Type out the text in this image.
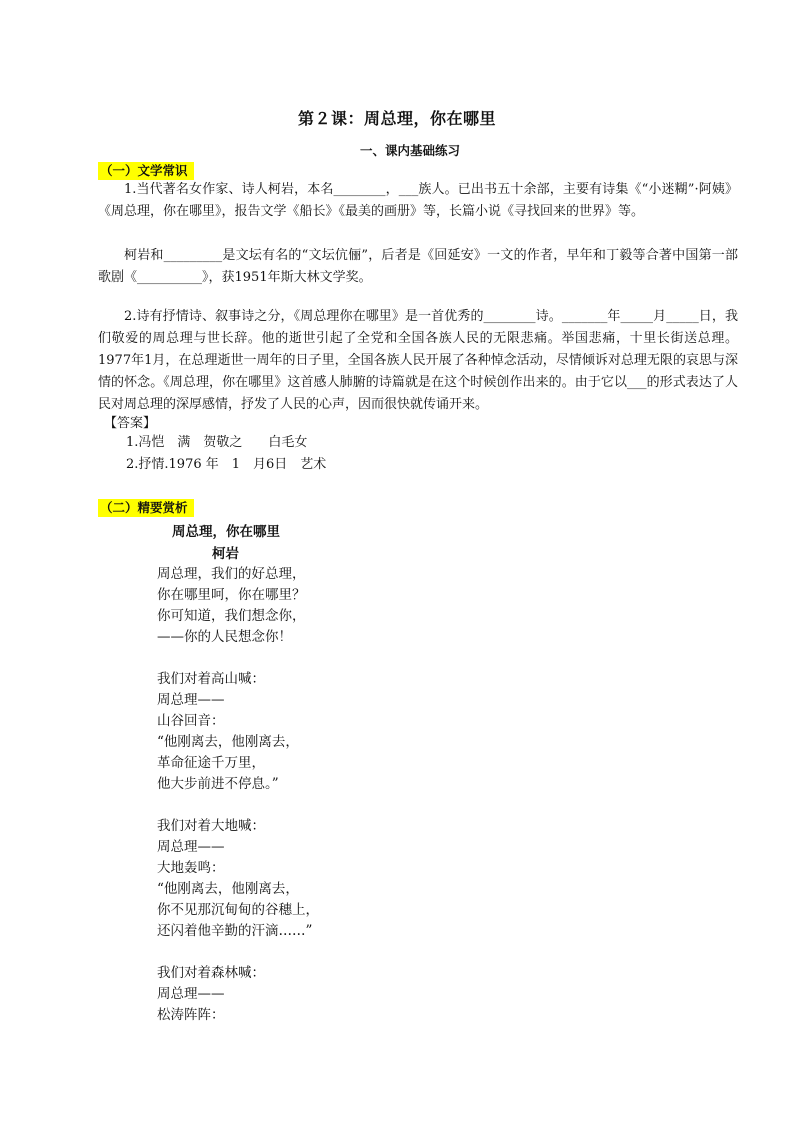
第２课：周总理，你在哪里
一、课内基础练习
（一）文学常识

1.当代著名女作家、诗人柯岩，本名________，___族人。已出书五十余部，主要有诗集《“小迷糊”·阿姨》《周总理，你在哪里》，报告文学《船长》《最美的画册》等，长篇小说《寻找回来的世界》等。

柯岩和_________是文坛有名的“文坛伉俪”，后者是《回延安》一文的作者，早年和丁毅等合著中国第一部歌剧《__________》，获1951年斯大林文学奖。

2.诗有抒情诗、叙事诗之分，《周总理你在哪里》是一首优秀的________诗。_______年_____月_____日，我们敬爱的周总理与世长辞。他的逝世引起了全党和全国各族人民的无限悲痛。举国悲痛，十里长街送总理。1977年1月，在总理逝世一周年的日子里，全国各族人民开展了各种悼念活动，尽情倾诉对总理无限的哀思与深情的怀念。《周总理，你在哪里》这首感人肺腑的诗篇就是在这个时候创作出来的。由于它以___的形式表达了人民对周总理的深厚感情，抒发了人民的心声，因而很快就传诵开来。

【答案】
1.冯恺　满　贺敬之　　白毛女
2.抒情.1976 年　1　月6日　艺术
（二）精要赏析
周总理，你在哪里
柯岩
周总理，我们的好总理，
你在哪里呵，你在哪里？
你可知道，我们想念你，
——你的人民想念你！
我们对着高山喊：
周总理——
山谷回音：
“他刚离去，他刚离去，
革命征途千万里，
他大步前进不停息。”
我们对着大地喊：
周总理——
大地轰鸣：
“他刚离去，他刚离去，
你不见那沉甸甸的谷穗上，
还闪着他辛勤的汗滴……”
我们对着森林喊：
周总理——
松涛阵阵：
